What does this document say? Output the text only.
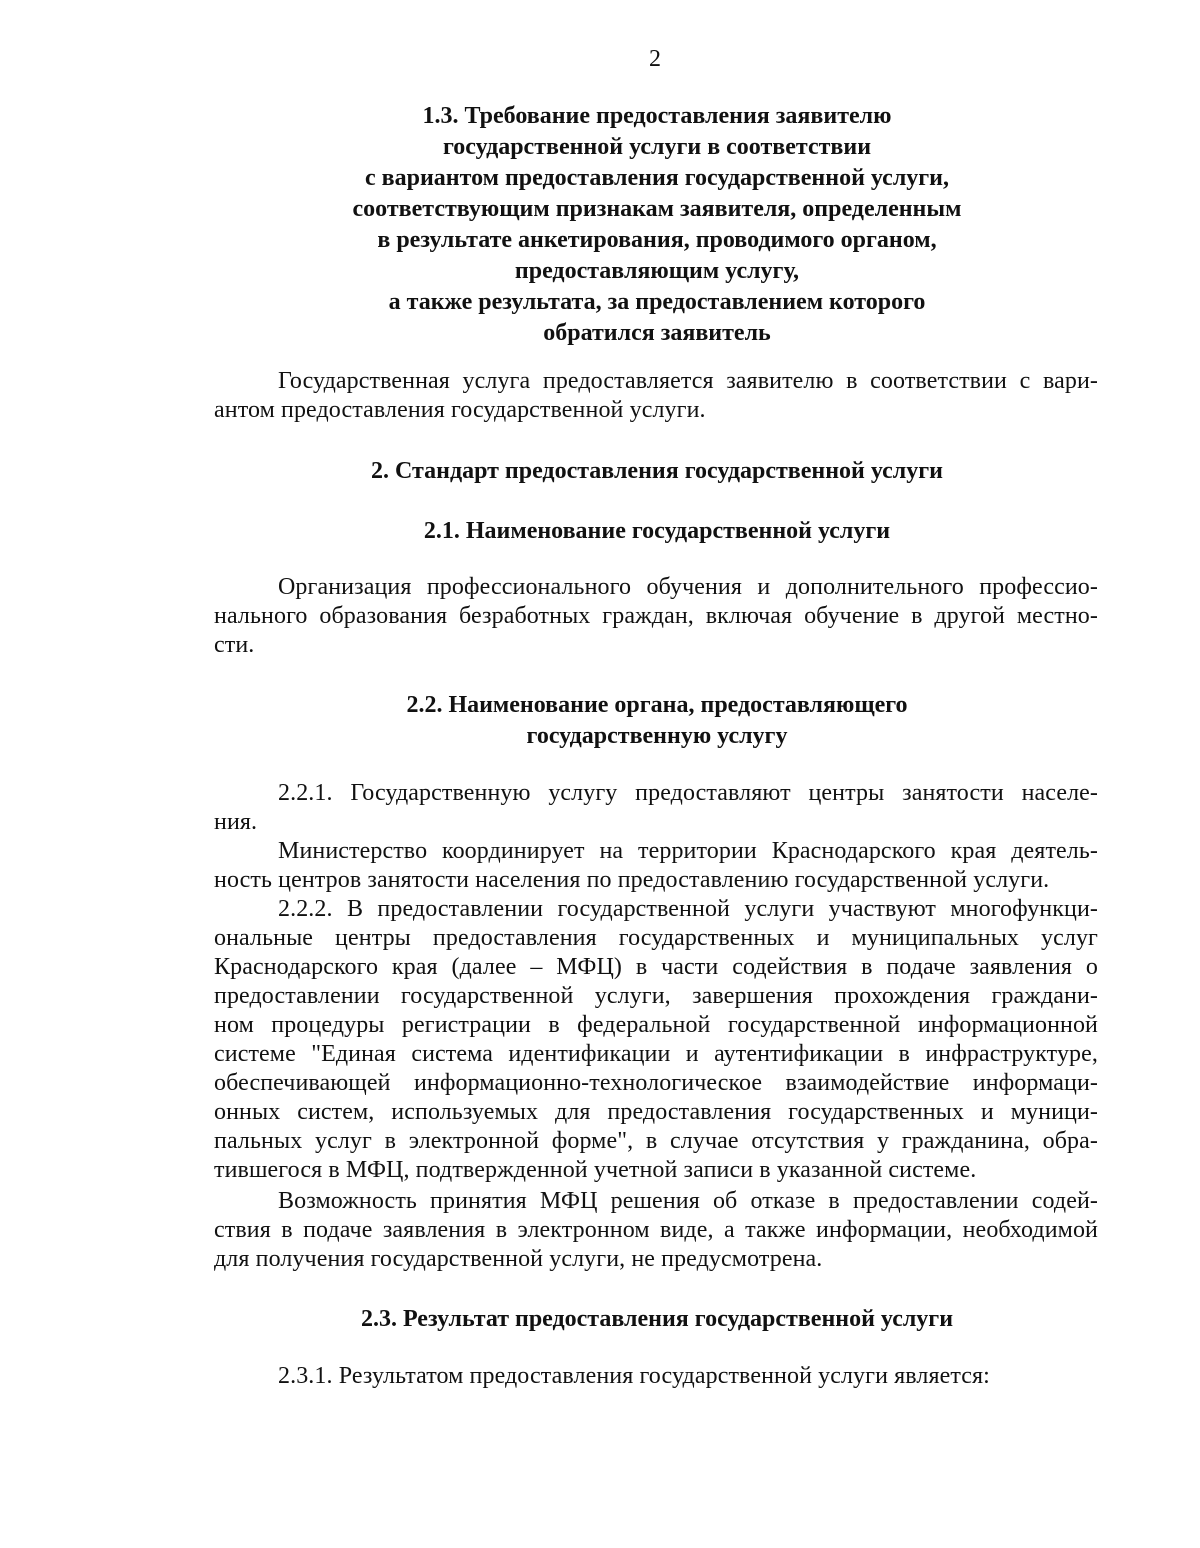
2
1.3. Требование предоставления заявителю
государственной услуги в соответствии
с вариантом предоставления государственной услуги,
соответствующим признакам заявителя, определенным
в результате анкетирования, проводимого органом,
предоставляющим услугу,
а также результата, за предоставлением которого
обратился заявитель
Государственная услуга предоставляется заявителю в соответствии с вари-
антом предоставления государственной услуги.
2. Стандарт предоставления государственной услуги
2.1. Наименование государственной услуги
Организация профессионального обучения и дополнительного профессио-
нального образования безработных граждан, включая обучение в другой местно-
сти.
2.2. Наименование органа, предоставляющего
государственную услугу
2.2.1. Государственную услугу предоставляют центры занятости населе-
ния.
Министерство координирует на территории Краснодарского края деятель-
ность центров занятости населения по предоставлению государственной услуги.
2.2.2. В предоставлении государственной услуги участвуют многофункци-
ональные центры предоставления государственных и муниципальных услуг
Краснодарского края (далее – МФЦ) в части содействия в подаче заявления о
предоставлении государственной услуги, завершения прохождения граждани-
ном процедуры регистрации в федеральной государственной информационной
системе "Единая система идентификации и аутентификации в инфраструктуре,
обеспечивающей информационно-технологическое взаимодействие информаци-
онных систем, используемых для предоставления государственных и муници-
пальных услуг в электронной форме", в случае отсутствия у гражданина, обра-
тившегося в МФЦ, подтвержденной учетной записи в указанной системе.
Возможность принятия МФЦ решения об отказе в предоставлении содей-
ствия в подаче заявления в электронном виде, а также информации, необходимой
для получения государственной услуги, не предусмотрена.
2.3. Результат предоставления государственной услуги
2.3.1. Результатом предоставления государственной услуги является:
